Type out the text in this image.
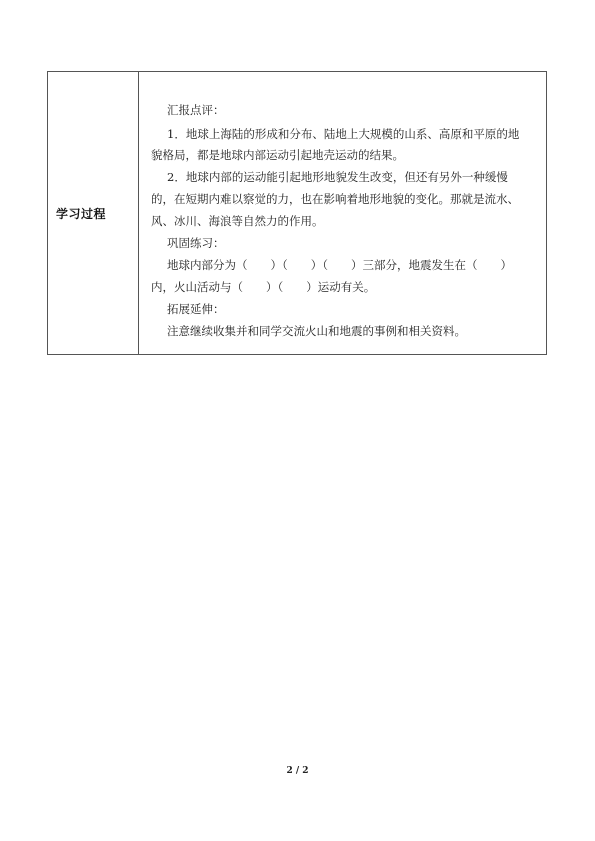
学习过程
汇报点评：
1．地球上海陆的形成和分布、陆地上大规模的山系、高原和平原的地
貌格局，都是地球内部运动引起地壳运动的结果。
2．地球内部的运动能引起地形地貌发生改变，但还有另外一种缓慢
的，在短期内难以察觉的力，也在影响着地形地貌的变化。那就是流水、
风、冰川、海浪等自然力的作用。
巩固练习：
地球内部分为（　　）（　　）（　　）三部分，地震发生在（　　）
内，火山活动与（　　）（　　）运动有关。
拓展延伸：
注意继续收集并和同学交流火山和地震的事例和相关资料。
2 / 2
